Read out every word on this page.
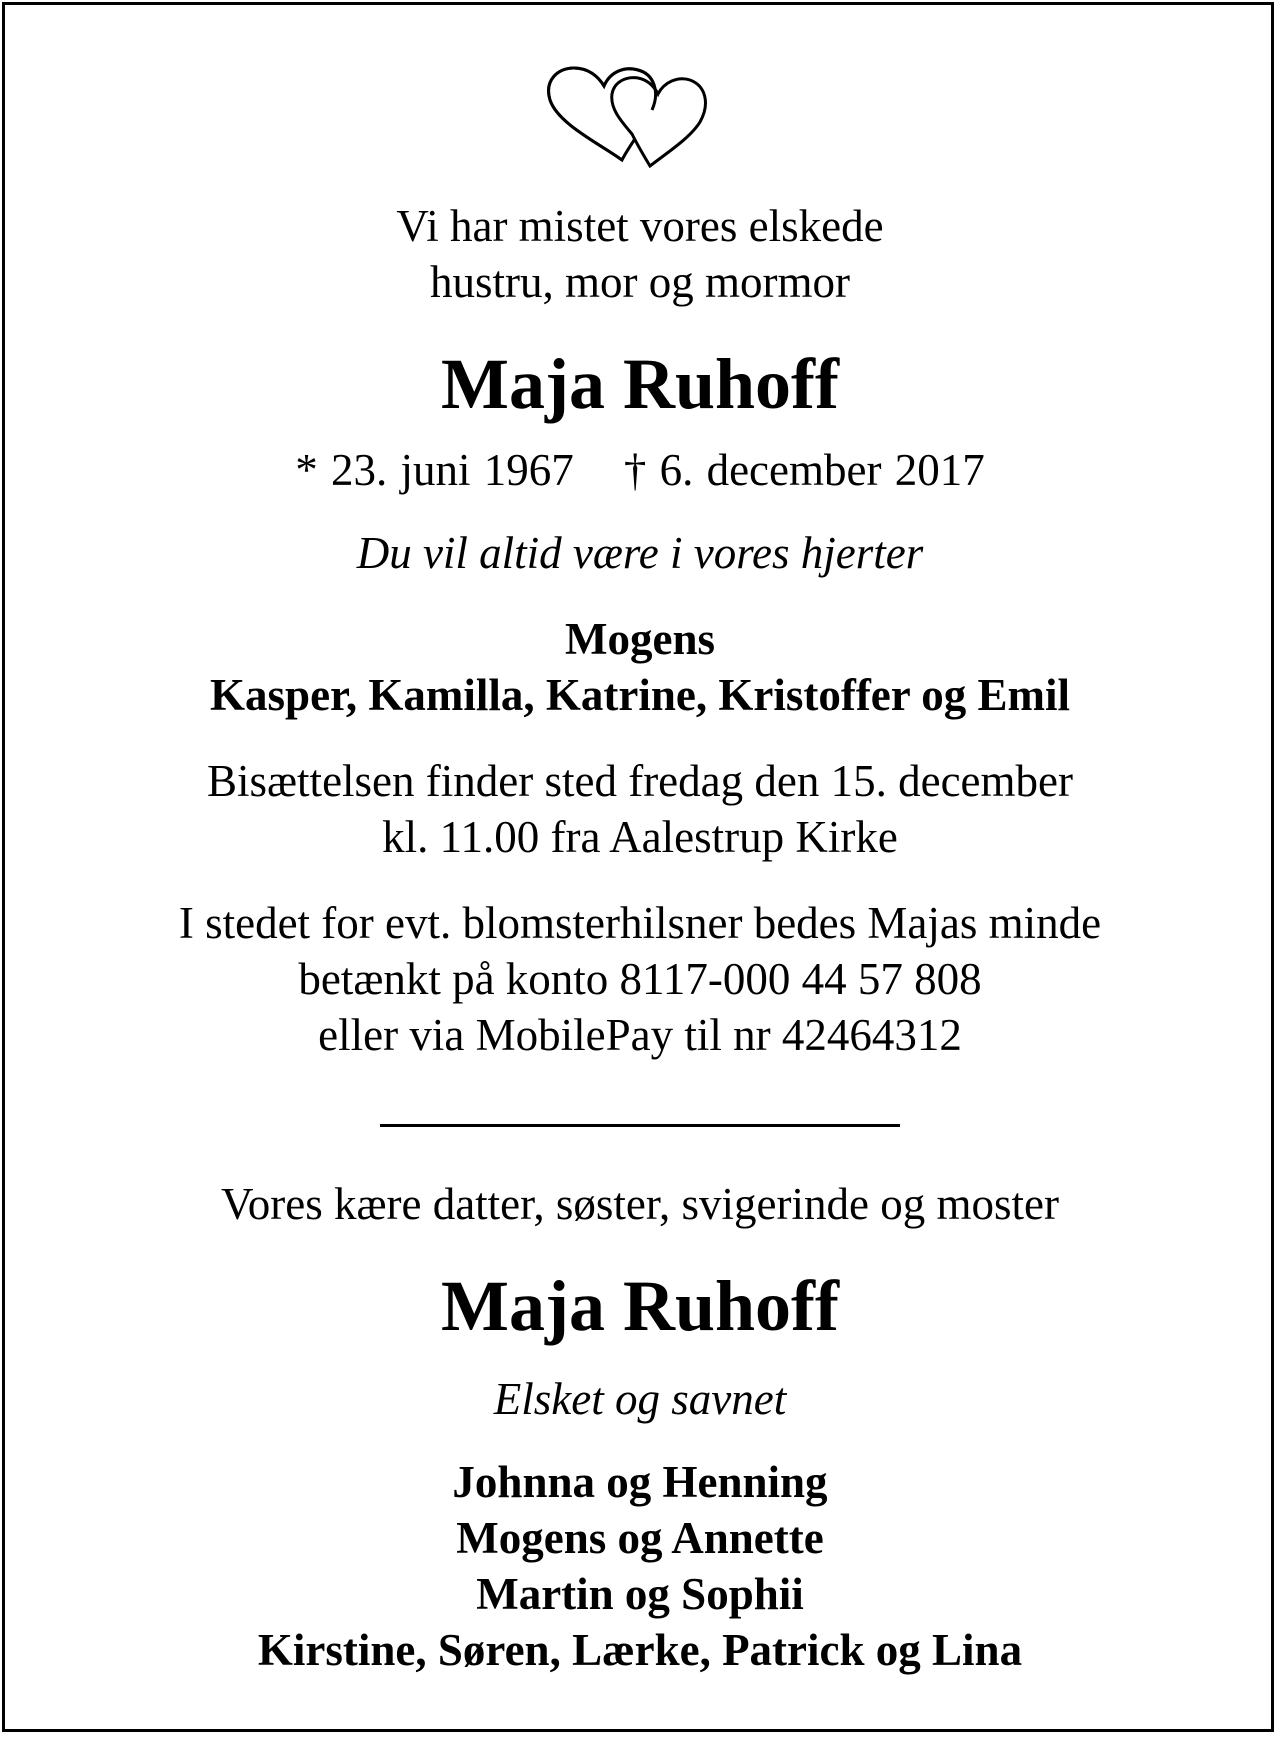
Vi har mistet vores elskede
hustru, mor og mormor
Maja Ruhoff
* 23. juni 1967 † 6. december 2017
Du vil altid være i vores hjerter
Mogens
Kasper, Kamilla, Katrine, Kristoffer og Emil
Bisættelsen finder sted fredag den 15. december
kl. 11.00 fra Aalestrup Kirke
I stedet for evt. blomsterhilsner bedes Majas minde
betænkt på konto 8117-000 44 57 808
eller via MobilePay til nr 42464312
Vores kære datter, søster, svigerinde og moster
Maja Ruhoff
Elsket og savnet
Johnna og Henning
Mogens og Annette
Martin og Sophii
Kirstine, Søren, Lærke, Patrick og Lina
